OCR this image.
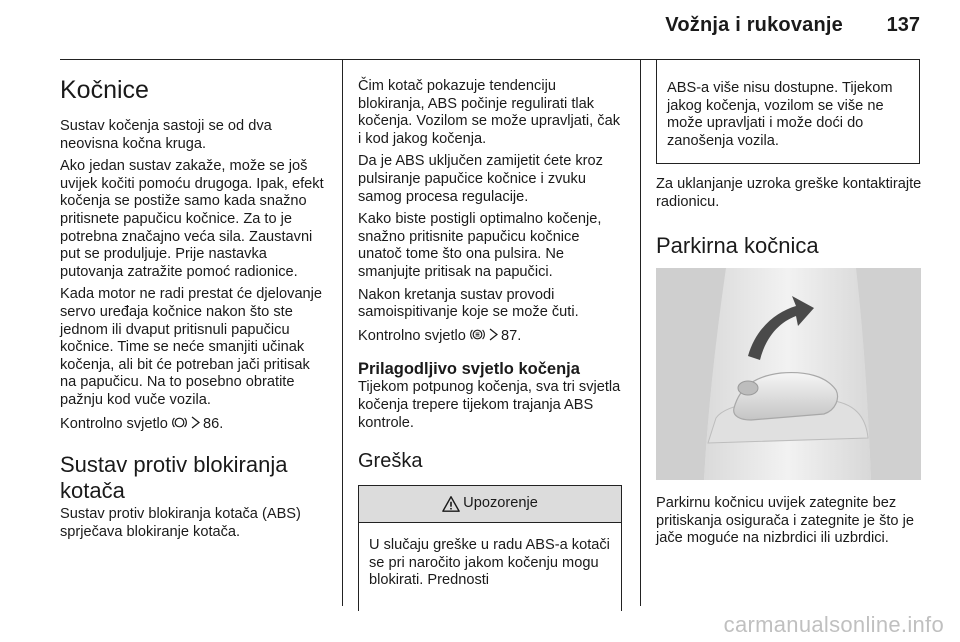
Vožnja i rukovanje 137
Kočnice

Sustav kočenja sastoji se od dva neovisna kočna kruga.

Ako jedan sustav zakaže, može se još uvijek kočiti pomoću drugoga. Ipak, efekt kočenja se postiže samo kada snažno pritisnete papučicu kočnice. Za to je potrebna značajno veća sila. Zaustavni put se produljuje. Prije nastavka putovanja zatražite pomoć radionice.

Kada motor ne radi prestat će djelovanje servo uređaja kočnice nakon što ste jednom ili dvaput pritisnuli papučicu kočnice. Time se neće smanjiti učinak kočenja, ali bit će potreban jači pritisak na papučicu. Na to posebno obratite pažnju kod vuče vozila.

Kontrolno svjetlo 86.

Sustav protiv blokiranja kotača

Sustav protiv blokiranja kotača (ABS) sprječava blokiranje kotača.

Čim kotač pokazuje tendenciju blokiranja, ABS počinje regulirati tlak kočenja. Vozilom se može upravljati, čak i kod jakog kočenja.

Da je ABS uključen zamijetit ćete kroz pulsiranje papučice kočnice i zvuku samog procesa regulacije.

Kako biste postigli optimalno kočenje, snažno pritisnite papučicu kočnice unatoč tome što ona pulsira. Ne smanjujte pritisak na papučici.

Nakon kretanja sustav provodi samoispitivanje koje se može čuti.

Kontrolno svjetlo 87.

Prilagodljivo svjetlo kočenja

Tijekom potpunog kočenja, sva tri svjetla kočenja trepere tijekom trajanja ABS kontrole.

Greška
Upozorenje

U slučaju greške u radu ABS-a kotači se pri naročito jakom kočenju mogu blokirati. Prednosti

ABS-a više nisu dostupne. Tijekom jakog kočenja, vozilom se više ne može upravljati i može doći do zanošenja vozila.

Za uklanjanje uzroka greške kontaktirajte radionicu.

Parkirna kočnica

Parkirnu kočnicu uvijek zategnite bez pritiskanja osigurača i zategnite je što je jače moguće na nizbrdici ili uzbrdici.

carmanualsonline.info
